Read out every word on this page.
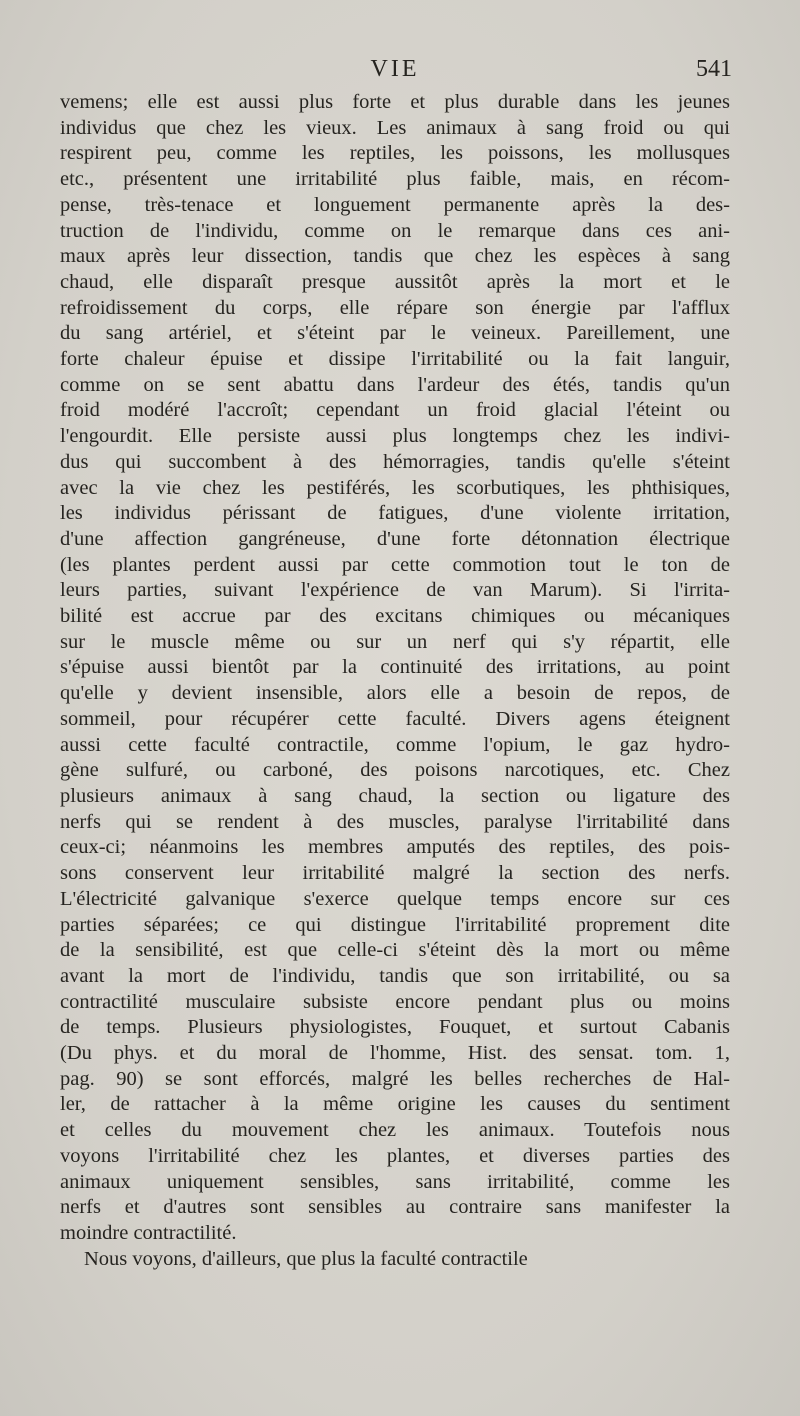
VIE	541
vemens; elle est aussi plus forte et plus durable dans les jeunes
individus que chez les vieux. Les animaux à sang froid ou qui
respirent peu, comme les reptiles, les poissons, les mollusques
etc., présentent une irritabilité plus faible, mais, en récom-
pense, très-tenace et longuement permanente après la des-
truction de l'individu, comme on le remarque dans ces ani-
maux après leur dissection, tandis que chez les espèces à sang
chaud, elle disparaît presque aussitôt après la mort et le
refroidissement du corps, elle répare son énergie par l'afflux
du sang artériel, et s'éteint par le veineux. Pareillement, une
forte chaleur épuise et dissipe l'irritabilité ou la fait languir,
comme on se sent abattu dans l'ardeur des étés, tandis qu'un
froid modéré l'accroît; cependant un froid glacial l'éteint ou
l'engourdit. Elle persiste aussi plus longtemps chez les indivi-
dus qui succombent à des hémorragies, tandis qu'elle s'éteint
avec la vie chez les pestiférés, les scorbutiques, les phthisiques,
les individus périssant de fatigues, d'une violente irritation,
d'une affection gangréneuse, d'une forte détonnation électrique
(les plantes perdent aussi par cette commotion tout le ton de
leurs parties, suivant l'expérience de van Marum). Si l'irrita-
bilité est accrue par des excitans chimiques ou mécaniques
sur le muscle même ou sur un nerf qui s'y répartit, elle
s'épuise aussi bientôt par la continuité des irritations, au point
qu'elle y devient insensible, alors elle a besoin de repos, de
sommeil, pour récupérer cette faculté. Divers agens éteignent
aussi cette faculté contractile, comme l'opium, le gaz hydro-
gène sulfuré, ou carboné, des poisons narcotiques, etc. Chez
plusieurs animaux à sang chaud, la section ou ligature des
nerfs qui se rendent à des muscles, paralyse l'irritabilité dans
ceux-ci; néanmoins les membres amputés des reptiles, des pois-
sons conservent leur irritabilité malgré la section des nerfs.
L'électricité galvanique s'exerce quelque temps encore sur ces
parties séparées; ce qui distingue l'irritabilité proprement dite
de la sensibilité, est que celle-ci s'éteint dès la mort ou même
avant la mort de l'individu, tandis que son irritabilité, ou sa
contractilité musculaire subsiste encore pendant plus ou moins
de temps. Plusieurs physiologistes, Fouquet, et surtout Cabanis
(Du phys. et du moral de l'homme, Hist. des sensat. tom. 1,
pag. 90) se sont efforcés, malgré les belles recherches de Hal-
ler, de rattacher à la même origine les causes du sentiment
et celles du mouvement chez les animaux. Toutefois nous
voyons l'irritabilité chez les plantes, et diverses parties des
animaux uniquement sensibles, sans irritabilité, comme les
nerfs et d'autres sont sensibles au contraire sans manifester la
moindre contractilité.
Nous voyons, d'ailleurs, que plus la faculté contractile
